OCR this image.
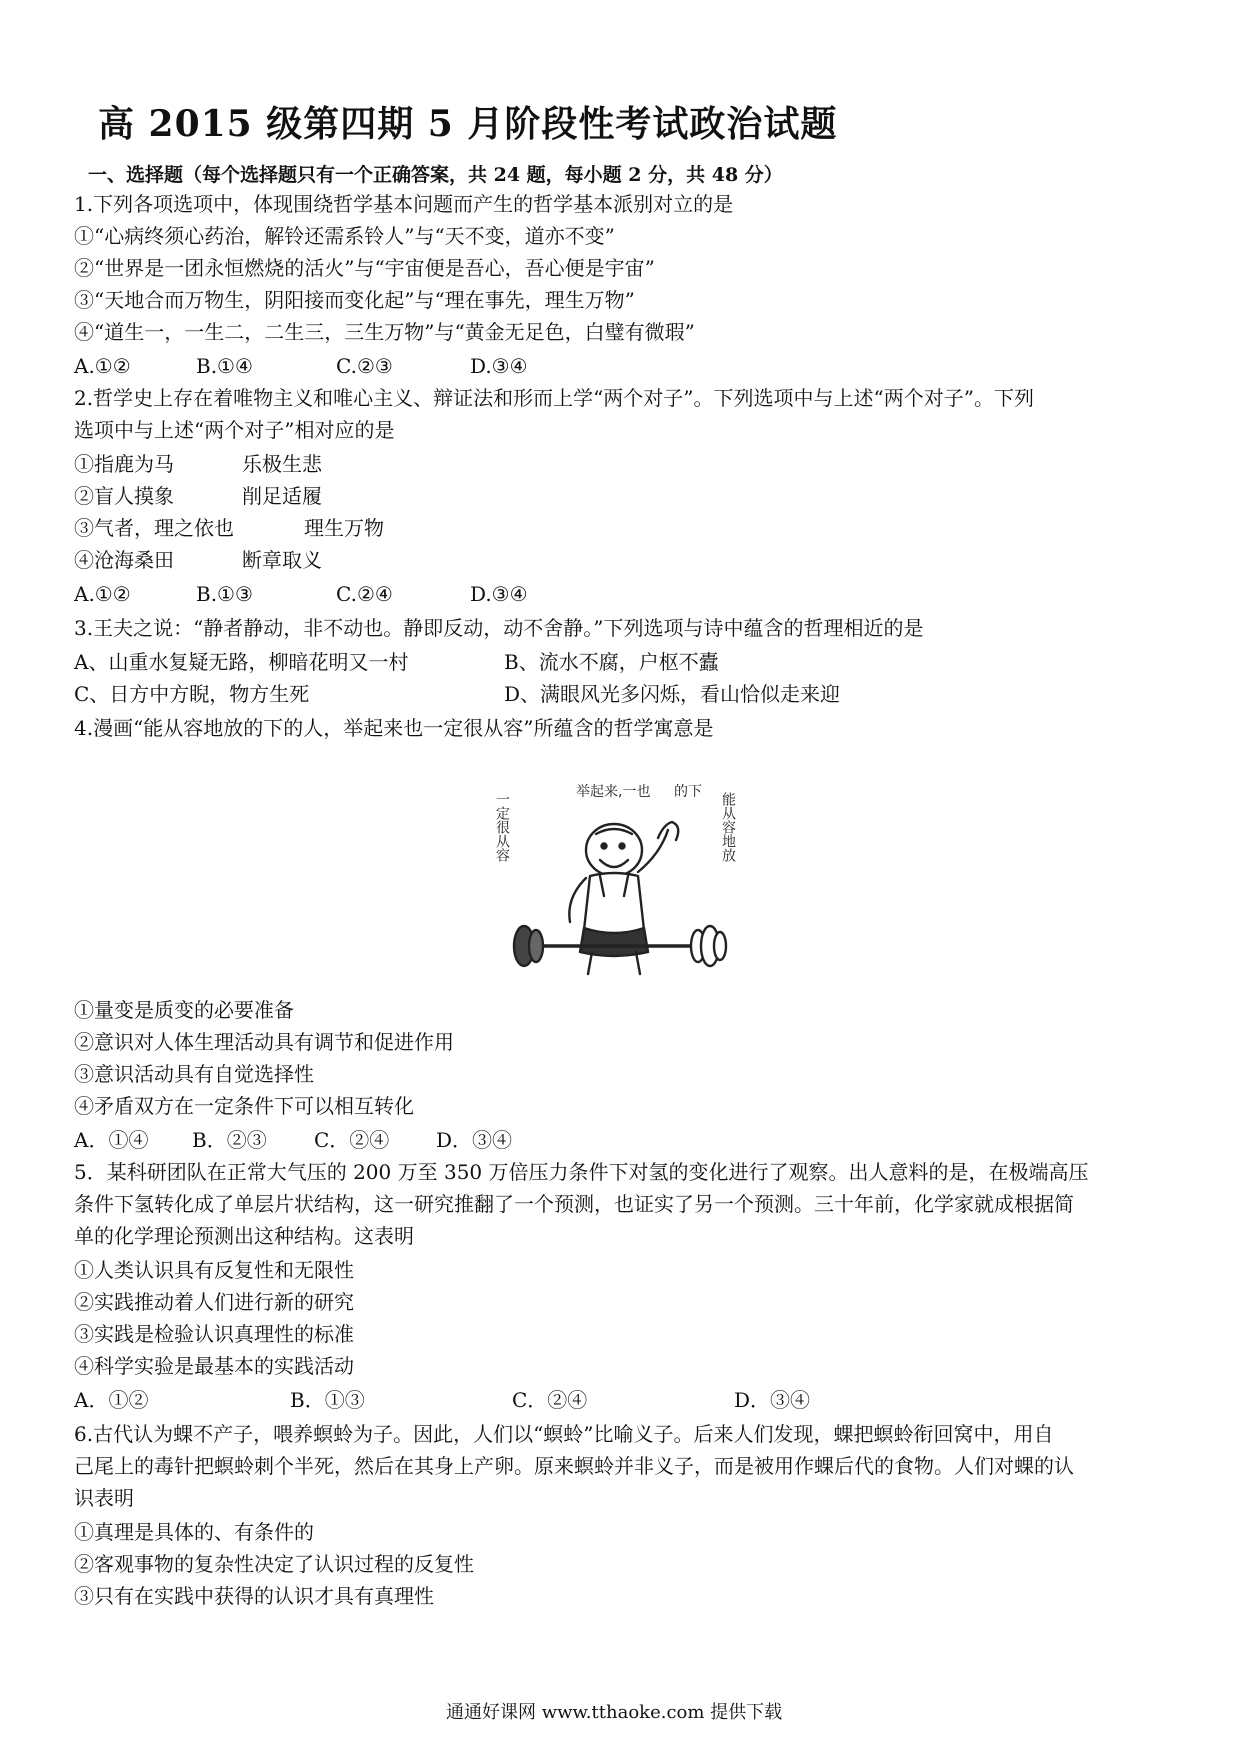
高 2015 级第四期 5 月阶段性考试政治试题
一、选择题（每个选择题只有一个正确答案，共 24 题，每小题 2 分，共 48 分）
1.下列各项选项中，体现围绕哲学基本问题而产生的哲学基本派别对立的是
①“心病终须心药治，解铃还需系铃人”与“天不变，道亦不变”
②“世界是一团永恒燃烧的活火”与“宇宙便是吾心，吾心便是宇宙”
③“天地合而万物生，阴阳接而变化起”与“理在事先，理生万物”
④“道生一，一生二，二生三，三生万物”与“黄金无足色，白璧有微瑕”
A.①②	B.①④	C.②③	D.③④
2.哲学史上存在着唯物主义和唯心主义、辩证法和形而上学“两个对子”。下列选项中与上述“两个对子”。下列
选项中与上述“两个对子”相对应的是
①指鹿为马	乐极生悲
②盲人摸象	削足适履
③气者，理之依也	理生万物
④沧海桑田	断章取义
A.①②	B.①③	C.②④	D.③④
3.王夫之说：“静者静动，非不动也。静即反动，动不舍静。”下列选项与诗中蕴含的哲理相近的是
A、山重水复疑无路，柳暗花明又一村	B、流水不腐，户枢不蠹
C、日方中方睨，物方生死	D、满眼风光多闪烁，看山恰似走来迎
4.漫画“能从容地放的下的人，举起来也一定很从容”所蕴含的哲学寓意是
举起来,一也 的下
一定很从容	能从容地放
①量变是质变的必要准备
②意识对人体生理活动具有调节和促进作用
③意识活动具有自觉选择性
④矛盾双方在一定条件下可以相互转化
A．①④ B．②③ C．②④ D．③④
5．某科研团队在正常大气压的 200 万至 350 万倍压力条件下对氢的变化进行了观察。出人意料的是，在极端高压
条件下氢转化成了单层片状结构，这一研究推翻了一个预测，也证实了另一个预测。三十年前，化学家就成根据简
单的化学理论预测出这种结构。这表明
①人类认识具有反复性和无限性
②实践推动着人们进行新的研究
③实践是检验认识真理性的标准
④科学实验是最基本的实践活动
A．①②	B．①③	C．②④	D．③④
6.古代认为蜾不产子，喂养螟蛉为子。因此，人们以“螟蛉”比喻义子。后来人们发现，蜾把螟蛉衔回窝中，用自
己尾上的毒针把螟蛉刺个半死，然后在其身上产卵。原来螟蛉并非义子，而是被用作蜾后代的食物。人们对蜾的认
识表明
①真理是具体的、有条件的
②客观事物的复杂性决定了认识过程的反复性
③只有在实践中获得的认识才具有真理性
通通好课网 www.tthaoke.com 提供下载
